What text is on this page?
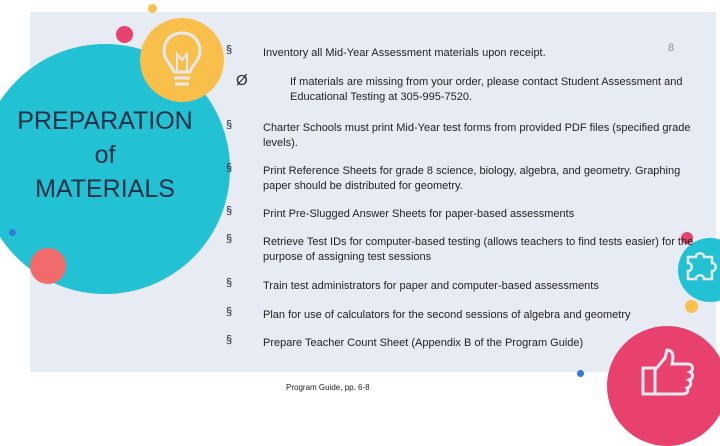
PREPARATION
of
MATERIALS
8
§	Inventory all Mid-Year Assessment materials upon receipt.
Ø	If materials are missing from your order, please contact Student Assessment and Educational Testing at 305-995-7520.
§	Charter Schools must print Mid-Year test forms from provided PDF files (specified grade levels).
§	Print Reference Sheets for grade 8 science, biology, algebra, and geometry. Graphing paper should be distributed for geometry.
§	Print Pre-Slugged Answer Sheets for paper-based assessments
§	Retrieve Test IDs for computer-based testing (allows teachers to find tests easier) for the purpose of assigning test sessions
§	Train test administrators for paper and computer-based assessments
§	Plan for use of calculators for the second sessions of algebra and geometry
§	Prepare Teacher Count Sheet (Appendix B of the Program Guide)
Program Guide, pp. 6-8
